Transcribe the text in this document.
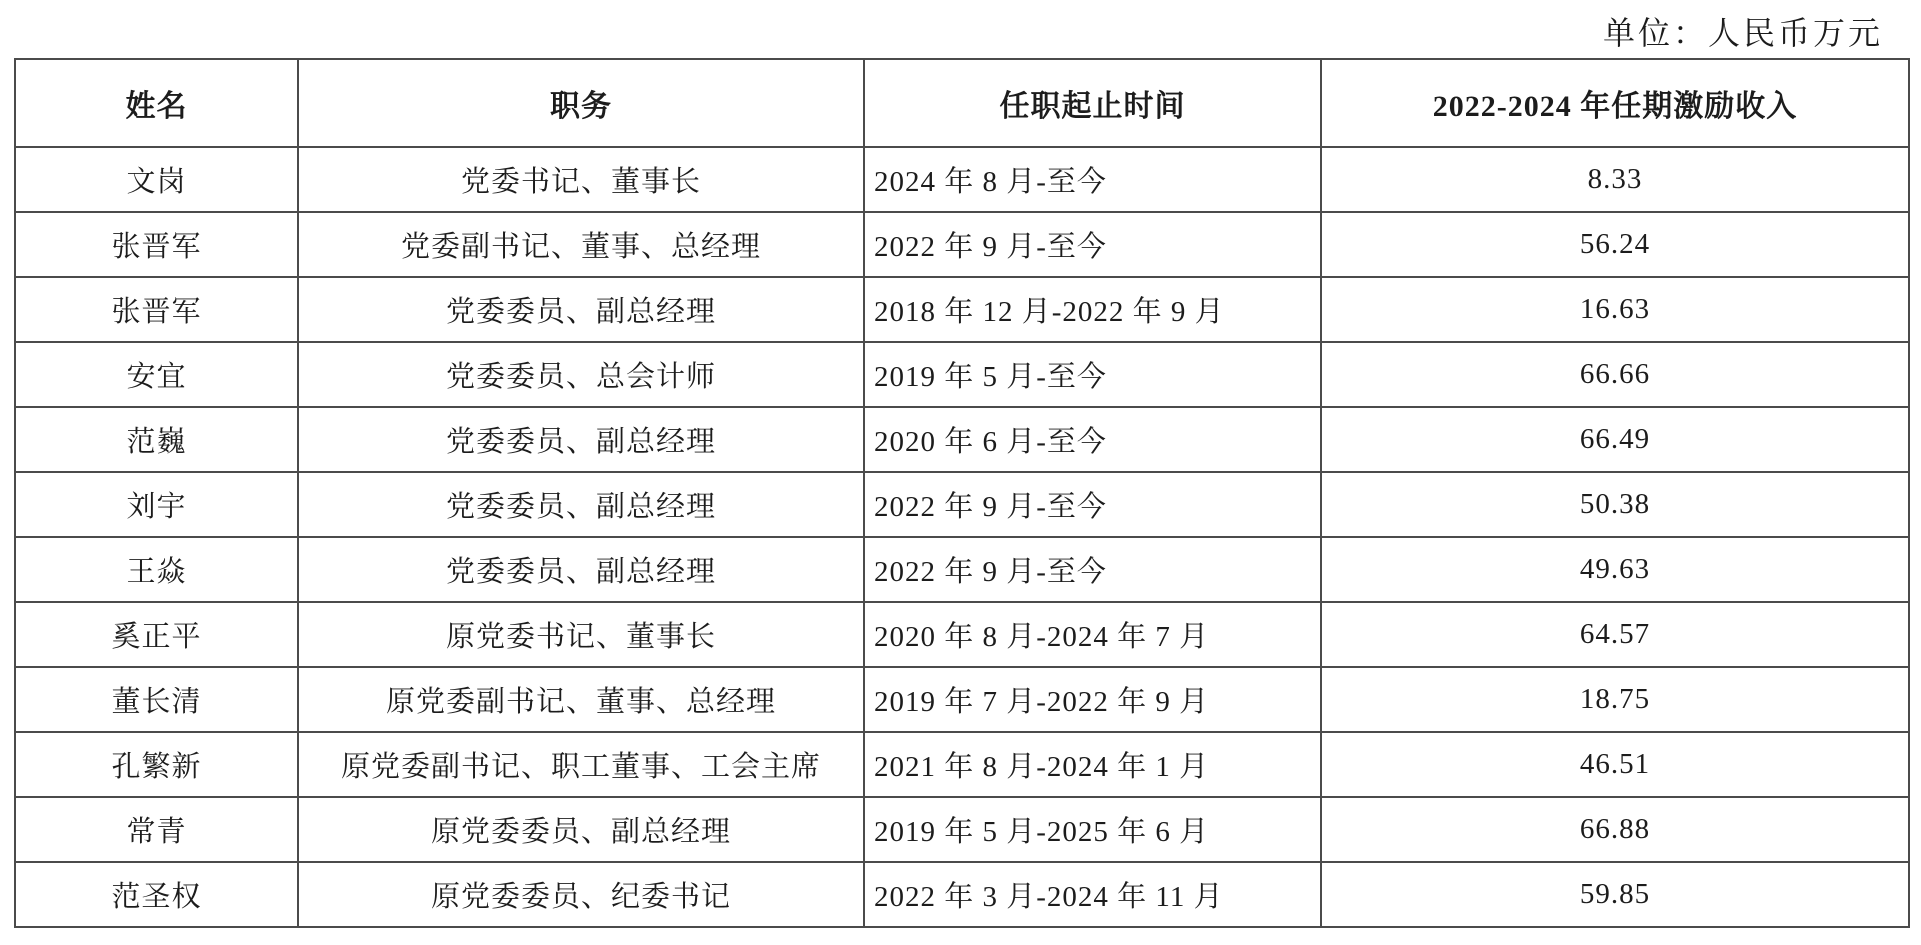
单位：人民币万元
姓名	职务	任职起止时间	2022-2024 年任期激励收入
文岗	党委书记、董事长	2024 年 8 月-至今	8.33
张晋军	党委副书记、董事、总经理	2022 年 9 月-至今	56.24
张晋军	党委委员、副总经理	2018 年 12 月-2022 年 9 月	16.63
安宜	党委委员、总会计师	2019 年 5 月-至今	66.66
范巍	党委委员、副总经理	2020 年 6 月-至今	66.49
刘宇	党委委员、副总经理	2022 年 9 月-至今	50.38
王焱	党委委员、副总经理	2022 年 9 月-至今	49.63
奚正平	原党委书记、董事长	2020 年 8 月-2024 年 7 月	64.57
董长清	原党委副书记、董事、总经理	2019 年 7 月-2022 年 9 月	18.75
孔繁新	原党委副书记、职工董事、工会主席	2021 年 8 月-2024 年 1 月	46.51
常青	原党委委员、副总经理	2019 年 5 月-2025 年 6 月	66.88
范圣权	原党委委员、纪委书记	2022 年 3 月-2024 年 11 月	59.85
